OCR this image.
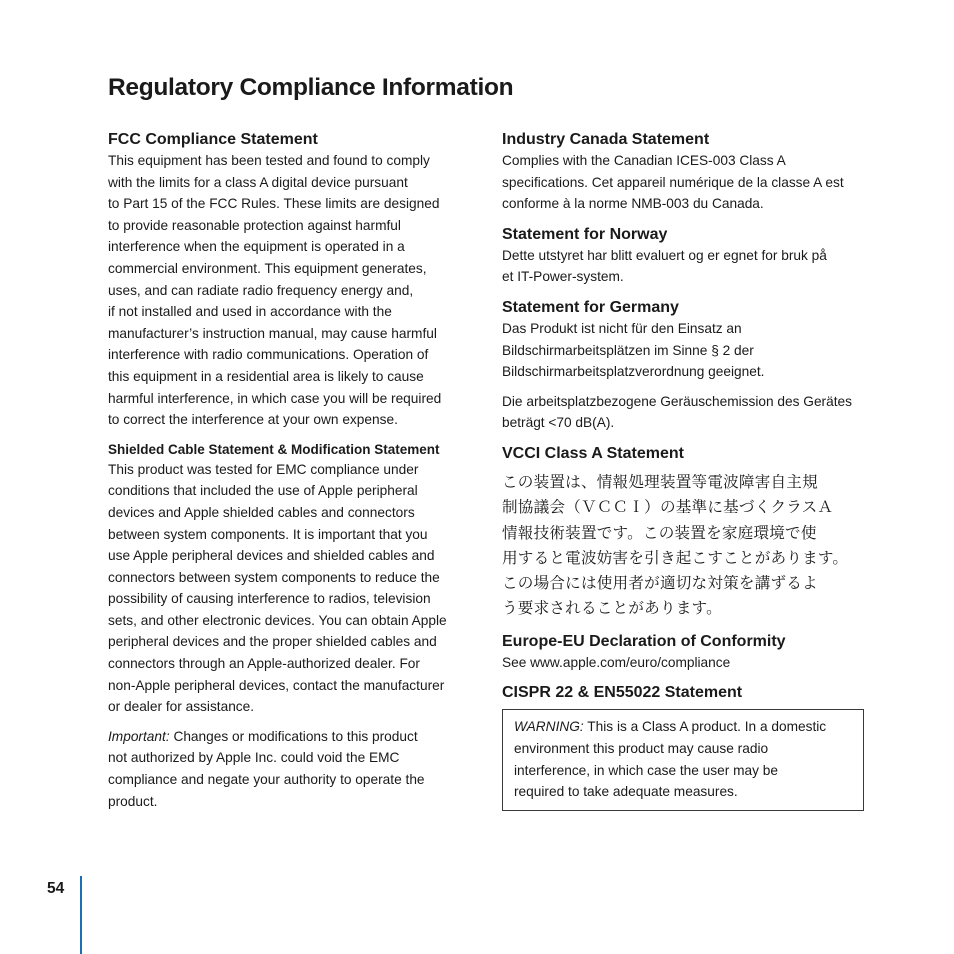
Regulatory Compliance Information
FCC Compliance Statement

This equipment has been tested and found to comply
with the limits for a class A digital device pursuant
to Part 15 of the FCC Rules. These limits are designed
to provide reasonable protection against harmful
interference when the equipment is operated in a
commercial environment. This equipment generates,
uses, and can radiate radio frequency energy and,
if not installed and used in accordance with the
manufacturer’s instruction manual, may cause harmful
interference with radio communications. Operation of
this equipment in a residential area is likely to cause
harmful interference, in which case you will be required
to correct the interference at your own expense.

Shielded Cable Statement & Modification Statement

This product was tested for EMC compliance under
conditions that included the use of Apple peripheral
devices and Apple shielded cables and connectors
between system components. It is important that you
use Apple peripheral devices and shielded cables and
connectors between system components to reduce the
possibility of causing interference to radios, television
sets, and other electronic devices. You can obtain Apple
peripheral devices and the proper shielded cables and
connectors through an Apple-authorized dealer. For
non-Apple peripheral devices, contact the manufacturer
or dealer for assistance.

Important: Changes or modifications to this product
not authorized by Apple Inc. could void the EMC
compliance and negate your authority to operate the
product.

Industry Canada Statement

Complies with the Canadian ICES-003 Class A
specifications. Cet appareil numérique de la classe A est
conforme à la norme NMB-003 du Canada.

Statement for Norway

Dette utstyret har blitt evaluert og er egnet for bruk på
et IT-Power-system.

Statement for Germany

Das Produkt ist nicht für den Einsatz an
Bildschirmarbeitsplätzen im Sinne § 2 der
Bildschirmarbeitsplatzverordnung geeignet.

Die arbeitsplatzbezogene Geräuschemission des Gerätes
beträgt <70 dB(A).

VCCI Class A Statement

この装置は、情報処理装置等電波障害自主規
制協議会（ＶＣＣＩ）の基準に基づくクラスＡ
情報技術装置です。この装置を家庭環境で使
用すると電波妨害を引き起こすことがあります。
この場合には使用者が適切な対策を講ずるよ
う要求されることがあります。

Europe-EU Declaration of Conformity

See www.apple.com/euro/compliance

CISPR 22 & EN55022 Statement

WARNING: This is a Class A product. In a domestic
environment this product may cause radio
interference, in which case the user may be
required to take adequate measures.

54
